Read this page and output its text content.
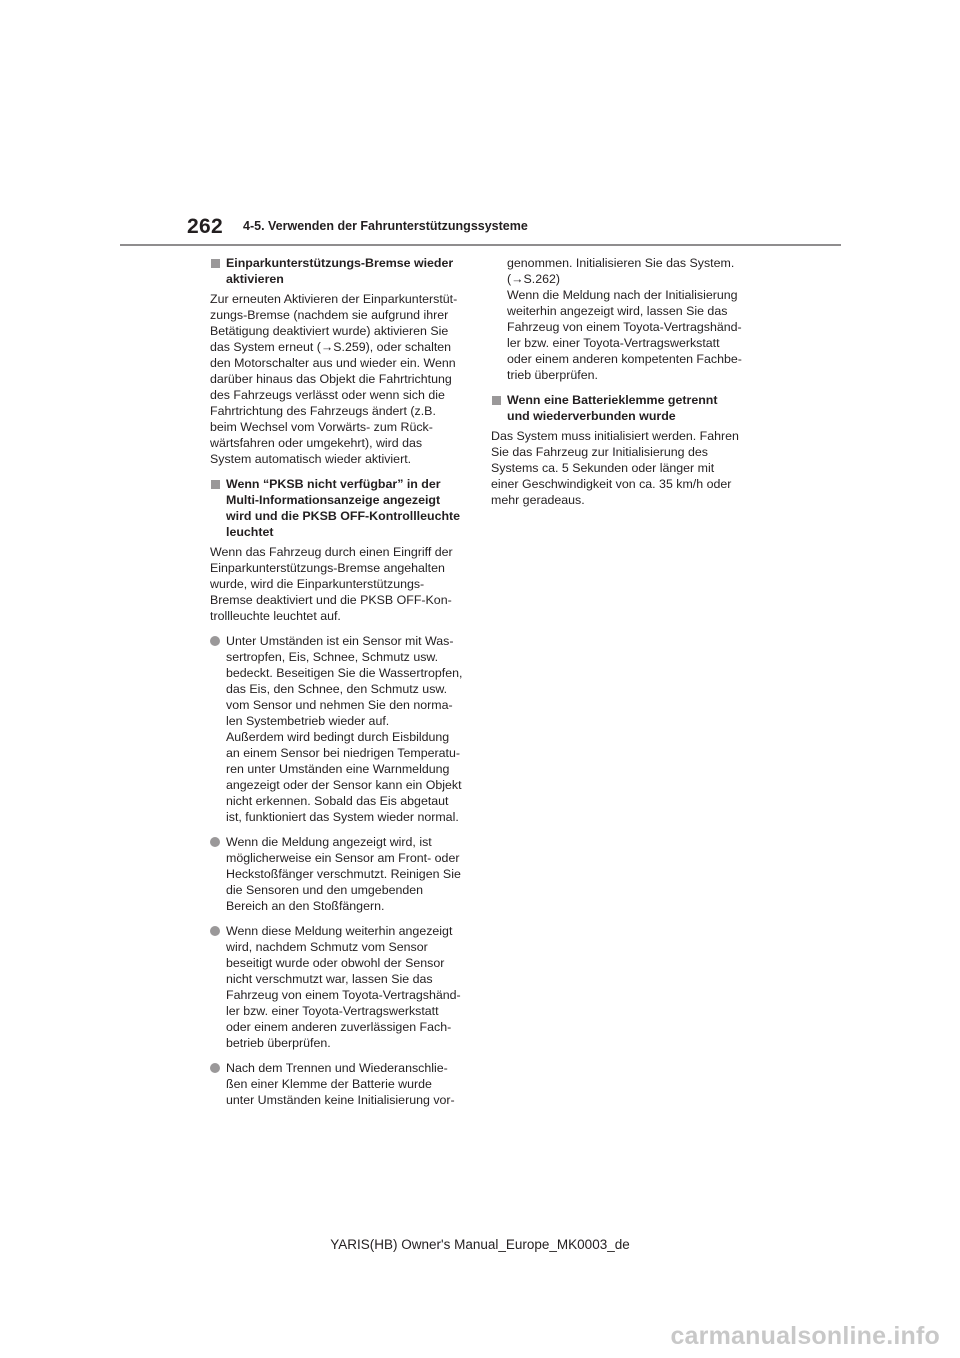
262 4-5. Verwenden der Fahrunterstützungssysteme
Einparkunterstützungs-Bremse wieder
aktivieren
Zur erneuten Aktivieren der Einparkunterstüt-
zungs-Bremse (nachdem sie aufgrund ihrer
Betätigung deaktiviert wurde) aktivieren Sie
das System erneut (→S.259), oder schalten
den Motorschalter aus und wieder ein. Wenn
darüber hinaus das Objekt die Fahrtrichtung
des Fahrzeugs verlässt oder wenn sich die
Fahrtrichtung des Fahrzeugs ändert (z.B.
beim Wechsel vom Vorwärts- zum Rück-
wärtsfahren oder umgekehrt), wird das
System automatisch wieder aktiviert.
Wenn “PKSB nicht verfügbar” in der
Multi-Informationsanzeige angezeigt
wird und die PKSB OFF-Kontrollleuchte
leuchtet
Wenn das Fahrzeug durch einen Eingriff der
Einparkunterstützungs-Bremse angehalten
wurde, wird die Einparkunterstützungs-
Bremse deaktiviert und die PKSB OFF-Kon-
trollleuchte leuchtet auf.
Unter Umständen ist ein Sensor mit Was-
sertropfen, Eis, Schnee, Schmutz usw.
bedeckt. Beseitigen Sie die Wassertropfen,
das Eis, den Schnee, den Schmutz usw.
vom Sensor und nehmen Sie den norma-
len Systembetrieb wieder auf.
Außerdem wird bedingt durch Eisbildung
an einem Sensor bei niedrigen Temperatu-
ren unter Umständen eine Warnmeldung
angezeigt oder der Sensor kann ein Objekt
nicht erkennen. Sobald das Eis abgetaut
ist, funktioniert das System wieder normal.
Wenn die Meldung angezeigt wird, ist
möglicherweise ein Sensor am Front- oder
Heckstoßfänger verschmutzt. Reinigen Sie
die Sensoren und den umgebenden
Bereich an den Stoßfängern.
Wenn diese Meldung weiterhin angezeigt
wird, nachdem Schmutz vom Sensor
beseitigt wurde oder obwohl der Sensor
nicht verschmutzt war, lassen Sie das
Fahrzeug von einem Toyota-Vertragshänd-
ler bzw. einer Toyota-Vertragswerkstatt
oder einem anderen zuverlässigen Fach-
betrieb überprüfen.
Nach dem Trennen und Wiederanschlie-
ßen einer Klemme der Batterie wurde
unter Umständen keine Initialisierung vor-
genommen. Initialisieren Sie das System.
(→S.262)
Wenn die Meldung nach der Initialisierung
weiterhin angezeigt wird, lassen Sie das
Fahrzeug von einem Toyota-Vertragshänd-
ler bzw. einer Toyota-Vertragswerkstatt
oder einem anderen kompetenten Fachbe-
trieb überprüfen.
Wenn eine Batterieklemme getrennt
und wiederverbunden wurde
Das System muss initialisiert werden. Fahren
Sie das Fahrzeug zur Initialisierung des
Systems ca. 5 Sekunden oder länger mit
einer Geschwindigkeit von ca. 35 km/h oder
mehr geradeaus.
YARIS(HB) Owner's Manual_Europe_MK0003_de
carmanualsonline.info
